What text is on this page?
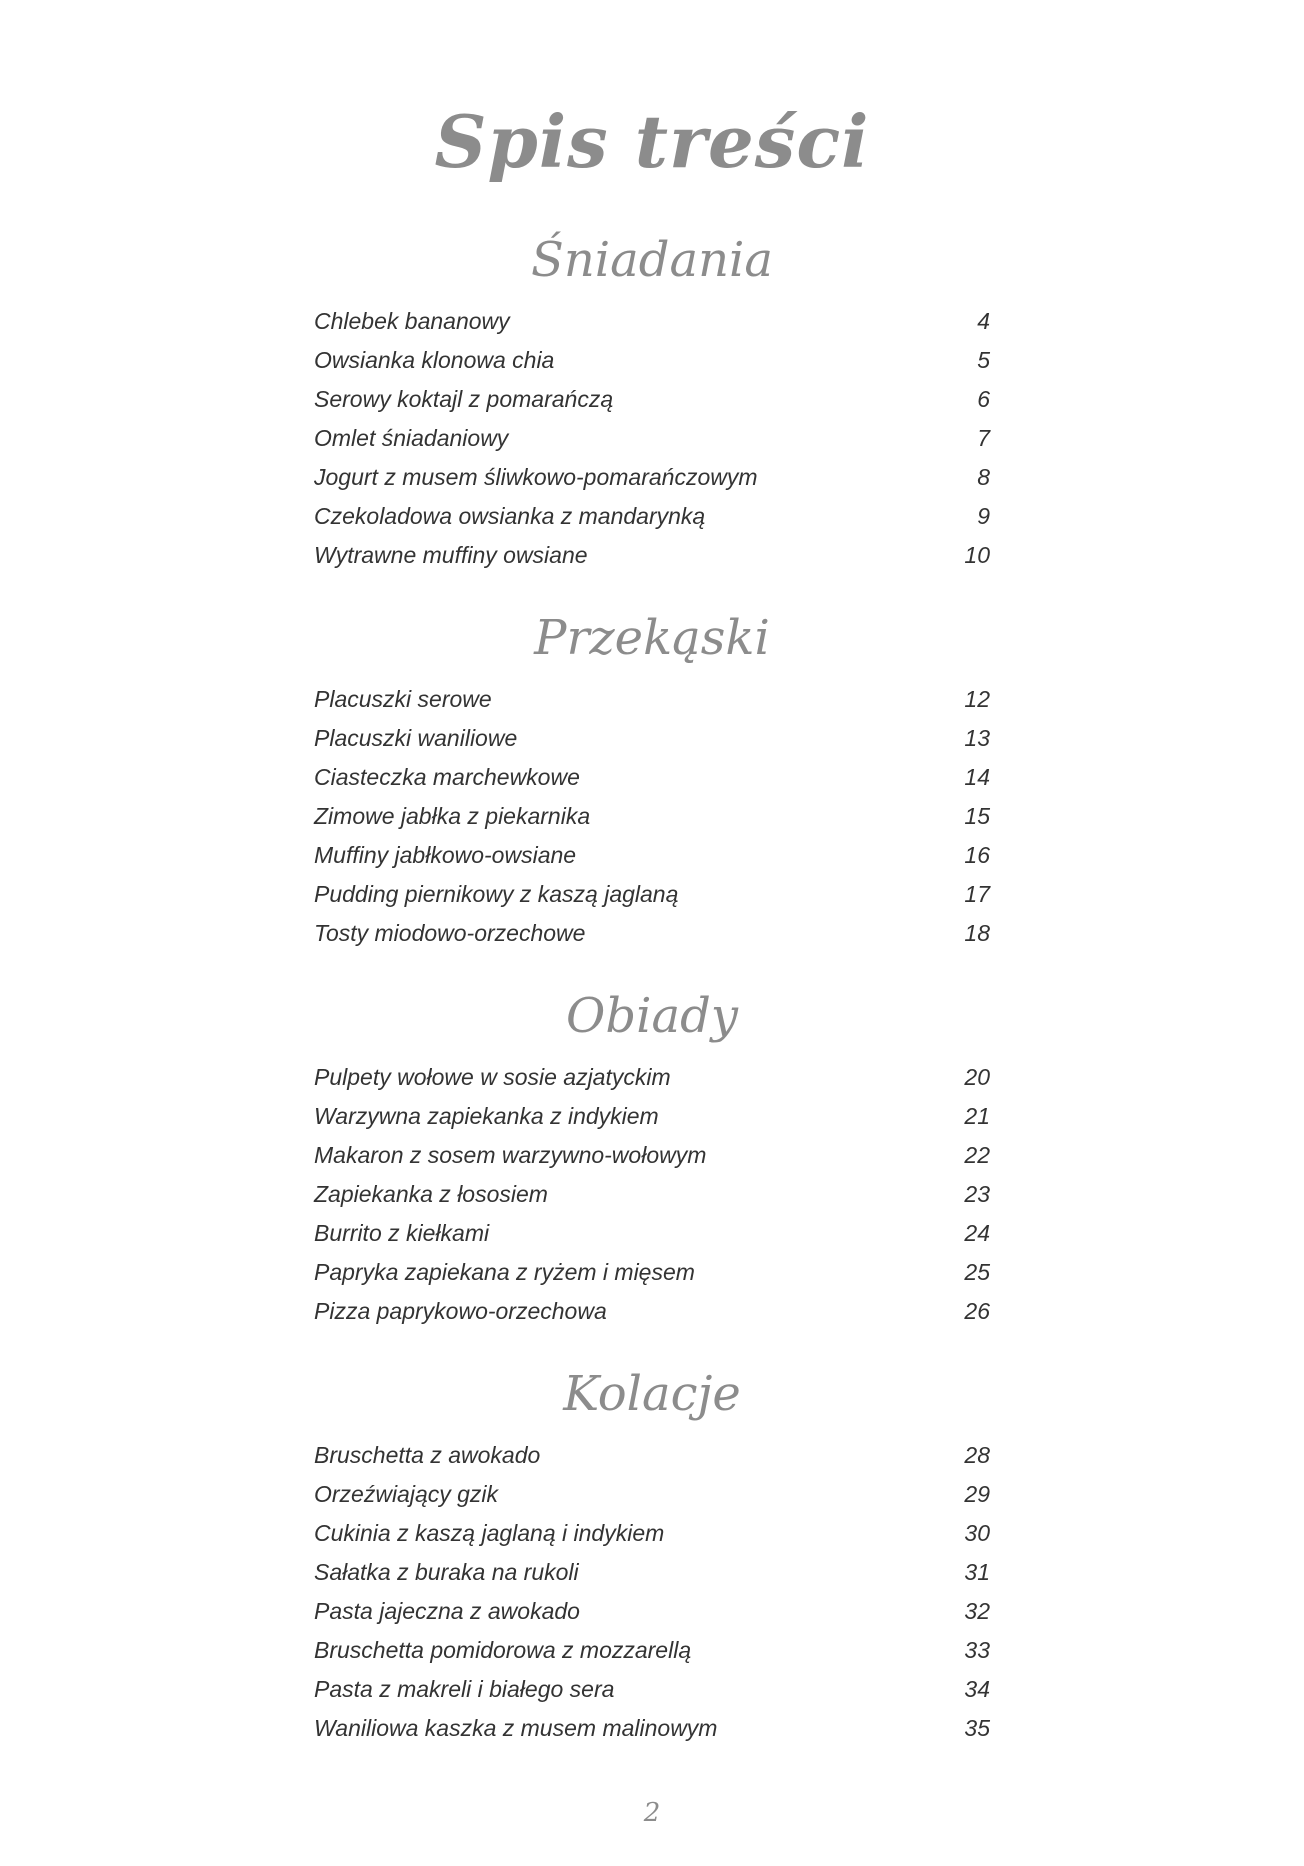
Spis treści
Śniadania
Chlebek bananowy	4
Owsianka klonowa chia	5
Serowy koktajl z pomarańczą	6
Omlet śniadaniowy	7
Jogurt z musem śliwkowo-pomarańczowym	8
Czekoladowa owsianka z mandarynką	9
Wytrawne muffiny owsiane	10
Przekąski
Placuszki serowe	12
Placuszki waniliowe	13
Ciasteczka marchewkowe	14
Zimowe jabłka z piekarnika	15
Muffiny jabłkowo-owsiane	16
Pudding piernikowy z kaszą jaglaną	17
Tosty miodowo-orzechowe	18
Obiady
Pulpety wołowe w sosie azjatyckim	20
Warzywna zapiekanka z indykiem	21
Makaron z sosem warzywno-wołowym	22
Zapiekanka z łososiem	23
Burrito z kiełkami	24
Papryka zapiekana z ryżem i mięsem	25
Pizza paprykowo-orzechowa	26
Kolacje
Bruschetta z awokado	28
Orzeźwiający gzik	29
Cukinia z kaszą jaglaną i indykiem	30
Sałatka z buraka na rukoli	31
Pasta jajeczna z awokado	32
Bruschetta pomidorowa z mozzarellą	33
Pasta z makreli i białego sera	34
Waniliowa kaszka z musem malinowym	35
2
